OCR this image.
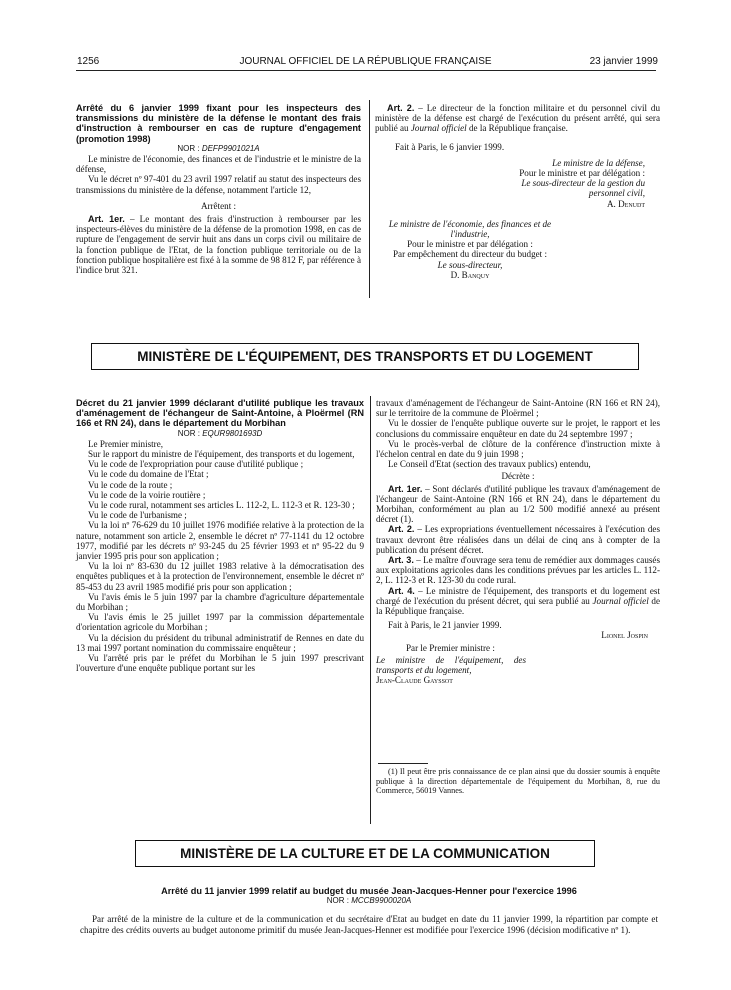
1256	JOURNAL OFFICIEL DE LA RÉPUBLIQUE FRANÇAISE	23 janvier 1999

Arrêté du 6 janvier 1999 fixant pour les inspecteurs des transmissions du ministère de la défense le montant des frais d'instruction à rembourser en cas de rupture d'engagement (promotion 1998)

NOR : DEFP9901021A

Le ministre de l'économie, des finances et de l'industrie et le ministre de la défense,

Vu le décret nº 97-401 du 23 avril 1997 relatif au statut des inspecteurs des transmissions du ministère de la défense, notamment l'article 12,

Arrêtent :

Art. 1er. – Le montant des frais d'instruction à rembourser par les inspecteurs-élèves du ministère de la défense de la promotion 1998, en cas de rupture de l'engagement de servir huit ans dans un corps civil ou militaire de la fonction publique de l'Etat, de la fonction publique territoriale ou de la fonction publique hospitalière est fixé à la somme de 98 812 F, par référence à l'indice brut 321.

Art. 2. – Le directeur de la fonction militaire et du personnel civil du ministère de la défense est chargé de l'exécution du présent arrêté, qui sera publié au Journal officiel de la République française.

Fait à Paris, le 6 janvier 1999.

Le ministre de la défense,

Pour le ministre et par délégation :

Le sous-directeur de la gestion du personnel civil,

A. Denudt

Le ministre de l'économie, des finances et de l'industrie,

Pour le ministre et par délégation :

Par empêchement du directeur du budget :

Le sous-directeur,

D. Banquy

MINISTÈRE DE L'ÉQUIPEMENT, DES TRANSPORTS ET DU LOGEMENT

Décret du 21 janvier 1999 déclarant d'utilité publique les travaux d'aménagement de l'échangeur de Saint-Antoine, à Ploërmel (RN 166 et RN 24), dans le département du Morbihan

NOR : EQUR9801693D

Le Premier ministre,

Sur le rapport du ministre de l'équipement, des transports et du logement,

Vu le code de l'expropriation pour cause d'utilité publique ;

Vu le code du domaine de l'Etat ;

Vu le code de la route ;

Vu le code de la voirie routière ;

Vu le code rural, notamment ses articles L. 112-2, L. 112-3 et R. 123-30 ;

Vu le code de l'urbanisme ;

Vu la loi nº 76-629 du 10 juillet 1976 modifiée relative à la protection de la nature, notamment son article 2, ensemble le décret nº 77-1141 du 12 octobre 1977, modifié par les décrets nº 93-245 du 25 février 1993 et nº 95-22 du 9 janvier 1995 pris pour son application ;

Vu la loi nº 83-630 du 12 juillet 1983 relative à la démocratisation des enquêtes publiques et à la protection de l'environnement, ensemble le décret nº 85-453 du 23 avril 1985 modifié pris pour son application ;

Vu l'avis émis le 5 juin 1997 par la chambre d'agriculture départementale du Morbihan ;

Vu l'avis émis le 25 juillet 1997 par la commission départementale d'orientation agricole du Morbihan ;

Vu la décision du président du tribunal administratif de Rennes en date du 13 mai 1997 portant nomination du commissaire enquêteur ;

Vu l'arrêté pris par le préfet du Morbihan le 5 juin 1997 prescrivant l'ouverture d'une enquête publique portant sur les

travaux d'aménagement de l'échangeur de Saint-Antoine (RN 166 et RN 24), sur le territoire de la commune de Ploërmel ;

Vu le dossier de l'enquête publique ouverte sur le projet, le rapport et les conclusions du commissaire enquêteur en date du 24 septembre 1997 ;

Vu le procès-verbal de clôture de la conférence d'instruction mixte à l'échelon central en date du 9 juin 1998 ;

Le Conseil d'Etat (section des travaux publics) entendu,

Décrète :

Art. 1er. – Sont déclarés d'utilité publique les travaux d'aménagement de l'échangeur de Saint-Antoine (RN 166 et RN 24), dans le département du Morbihan, conformément au plan au 1/2 500 modifié annexé au présent décret (1).

Art. 2. – Les expropriations éventuellement nécessaires à l'exécution des travaux devront être réalisées dans un délai de cinq ans à compter de la publication du présent décret.

Art. 3. – Le maître d'ouvrage sera tenu de remédier aux dommages causés aux exploitations agricoles dans les conditions prévues par les articles L. 112-2, L. 112-3 et R. 123-30 du code rural.

Art. 4. – Le ministre de l'équipement, des transports et du logement est chargé de l'exécution du présent décret, qui sera publié au Journal officiel de la République française.

Fait à Paris, le 21 janvier 1999.

Lionel Jospin

Par le Premier ministre :

Le ministre de l'équipement, des transports et du logement,

Jean-Claude Gayssot

(1) Il peut être pris connaissance de ce plan ainsi que du dossier soumis à enquête publique à la direction départementale de l'équipement du Morbihan, 8, rue du Commerce, 56019 Vannes.
MINISTÈRE DE LA CULTURE ET DE LA COMMUNICATION

Arrêté du 11 janvier 1999 relatif au budget du musée Jean-Jacques-Henner pour l'exercice 1996

NOR : MCCB9900020A

Par arrêté de la ministre de la culture et de la communication et du secrétaire d'Etat au budget en date du 11 janvier 1999, la répartition par compte et chapitre des crédits ouverts au budget autonome primitif du musée Jean-Jacques-Henner est modifiée pour l'exercice 1996 (décision modificative nº 1).
